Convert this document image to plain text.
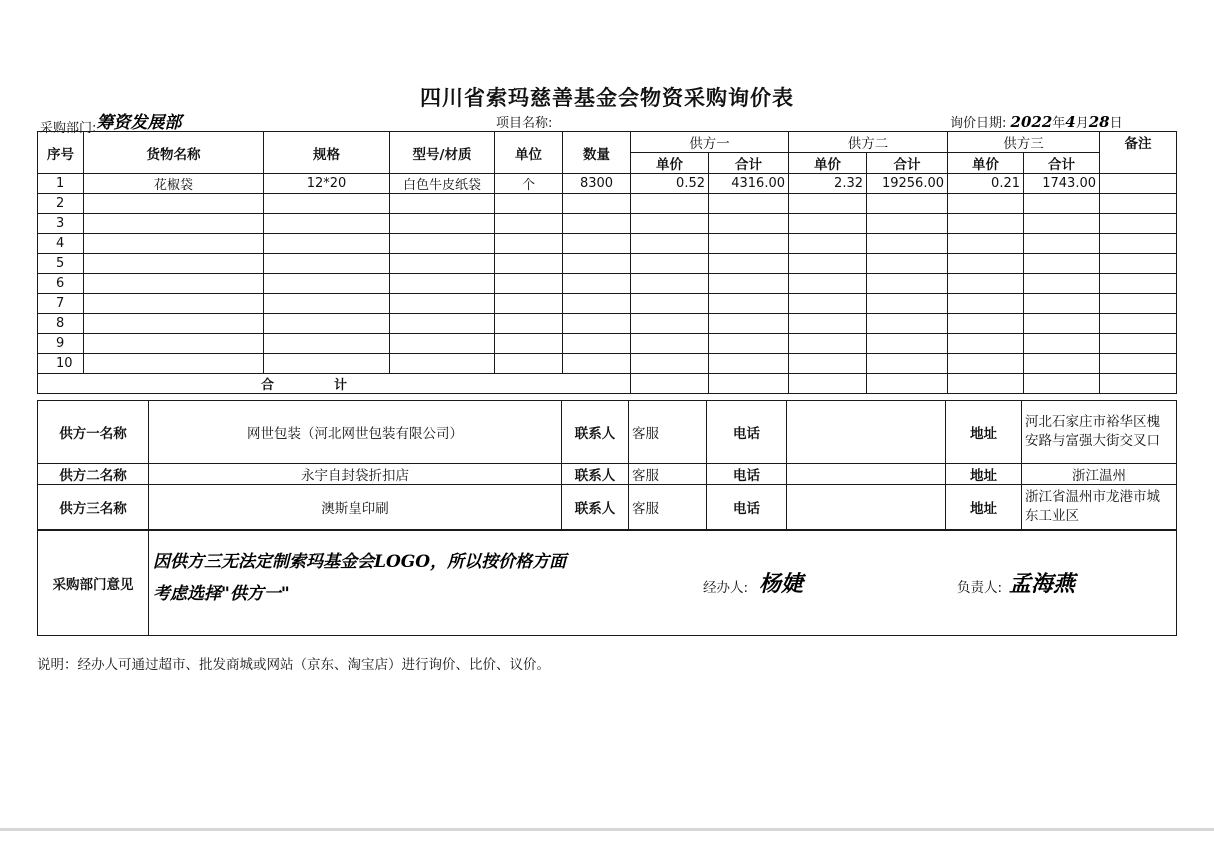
四川省索玛慈善基金会物资采购询价表
采购部门:筹资发展部	项目名称:	询价日期: 2022年4月28日
序号	货物名称	规格	型号/材质	单位	数量	供方一		供方二		供方三		备注
						单价	合计	单价	合计	单价	合计	
1	花椒袋	12*20	白色牛皮纸袋	个	8300	0.52	4316.00	2.32	19256.00	0.21	1743.00	
2												
3												
4												
5												
6												
7												
8												
9												
10												
合计												
供方一名称	网世包装（河北网世包装有限公司）	联系人	客服	电话		地址	河北石家庄市裕华区槐安路与富强大街交叉口
供方二名称	永宇自封袋折扣店	联系人	客服	电话		地址	浙江温州
供方三名称	澳斯皇印刷	联系人	客服	电话		地址	浙江省温州市龙港市城东工业区
采购部门意见	
因供方三无法定制索玛基金会LOGO，所以按价格方面
考虑选择"供方一"	经办人: 杨婕	负责人: 孟海燕
说明：经办人可通过超市、批发商城或网站（京东、淘宝店）进行询价、比价、议价。
